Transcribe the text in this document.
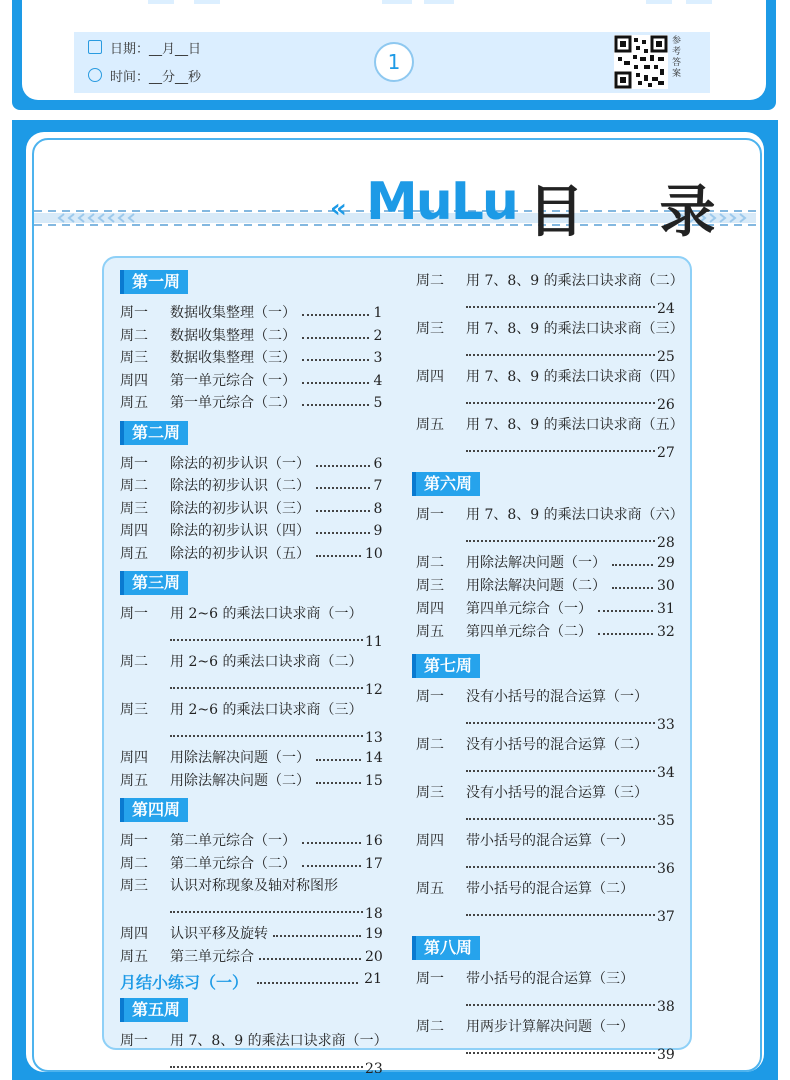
日期：__月__日
时间：__分__秒
1
参考答案
« MuLu 目 录
第一周
周一 数据收集整理（一）	1
周二 数据收集整理（二）	2
周三 数据收集整理（三）	3
周四 第一单元综合（一）	4
周五 第一单元综合（二）	5
第二周
周一 除法的初步认识（一）	6
周二 除法的初步认识（二）	7
周三 除法的初步认识（三）	8
周四 除法的初步认识（四）	9
周五 除法的初步认识（五）	10
第三周
周一 用 2~6 的乘法口诀求商（一）
11
周二 用 2~6 的乘法口诀求商（二）
12
周三 用 2~6 的乘法口诀求商（三）
13
周四 用除法解决问题（一）	14
周五 用除法解决问题（二）	15
第四周
周一 第二单元综合（一）	16
周二 第二单元综合（二）	17
周三 认识对称现象及轴对称图形
18
周四 认识平移及旋转	19
周五 第三单元综合	20
月结小练习（一）	21
第五周
周一 用 7、8、9 的乘法口诀求商（一）
23
周二 用 7、8、9 的乘法口诀求商（二）
24
周三 用 7、8、9 的乘法口诀求商（三）
25
周四 用 7、8、9 的乘法口诀求商（四）
26
周五 用 7、8、9 的乘法口诀求商（五）
27
第六周
周一 用 7、8、9 的乘法口诀求商（六）
28
周二 用除法解决问题（一）	29
周三 用除法解决问题（二）	30
周四 第四单元综合（一）	31
周五 第四单元综合（二）	32
第七周
周一 没有小括号的混合运算（一）
33
周二 没有小括号的混合运算（二）
34
周三 没有小括号的混合运算（三）
35
周四 带小括号的混合运算（一）
36
周五 带小括号的混合运算（二）
37
第八周
周一 带小括号的混合运算（三）
38
周二 用两步计算解决问题（一）
39
